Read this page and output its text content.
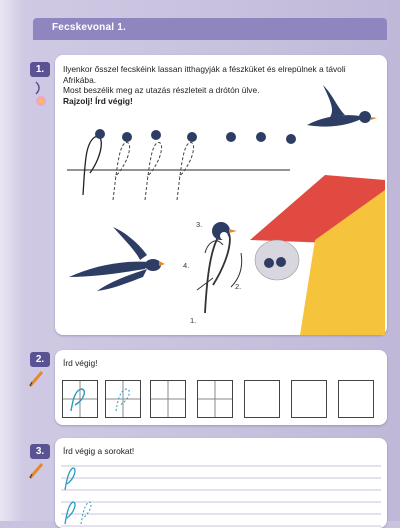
Fecskevonal 1.
1.	Ilyenkor ősszel fecskéink lassan itthagyják a fészküket és elrepülnek a távoli
Afrikába.
Most beszélik meg az utazás részleteit a drótón ülve.
Rajzolj! Írd végig!
1.
2.
3.
4.
2.	Írd végig!
3.	Írd végig a sorokat!
